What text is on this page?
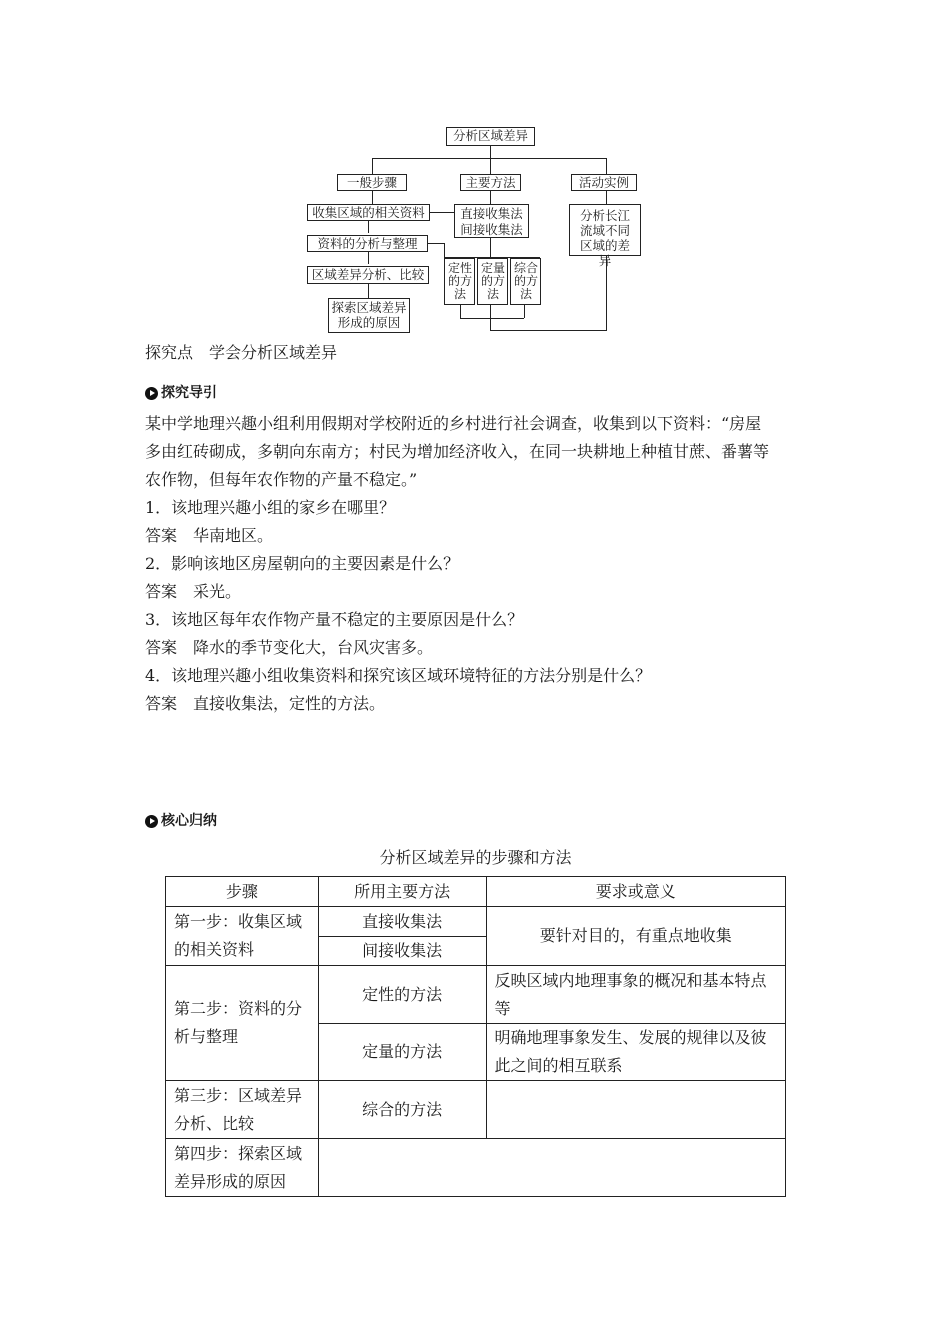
分析区域差异
一般步骤	主要方法	活动实例
收集区域的相关资料
资料的分析与整理
区域差异分析、比较
探索区域差异形成的原因
直接收集法
间接收集法
定性的方法
定量的方法
综合的方法
分析长江流域不同区域的差异
探究点　学会分析区域差异
探究导引
某中学地理兴趣小组利用假期对学校附近的乡村进行社会调查，收集到以下资料：“房屋
多由红砖砌成，多朝向东南方；村民为增加经济收入，在同一块耕地上种植甘蔗、番薯等
农作物，但每年农作物的产量不稳定。”
1．该地理兴趣小组的家乡在哪里？
答案　华南地区。
2．影响该地区房屋朝向的主要因素是什么？
答案　采光。
3．该地区每年农作物产量不稳定的主要原因是什么？
答案　降水的季节变化大，台风灾害多。
4．该地理兴趣小组收集资料和探究该区域环境特征的方法分别是什么？
答案　直接收集法，定性的方法。
核心归纳
分析区域差异的步骤和方法
步骤	所用主要方法	要求或意义
第一步：收集区域的相关资料	直接收集法	要针对目的，有重点地收集
	间接收集法	
第二步：资料的分析与整理	定性的方法	反映区域内地理事象的概况和基本特点等
	定量的方法	明确地理事象发生、发展的规律以及彼此之间的相互联系
第三步：区域差异分析、比较	综合的方法	
第四步：探索区域差异形成的原因		
